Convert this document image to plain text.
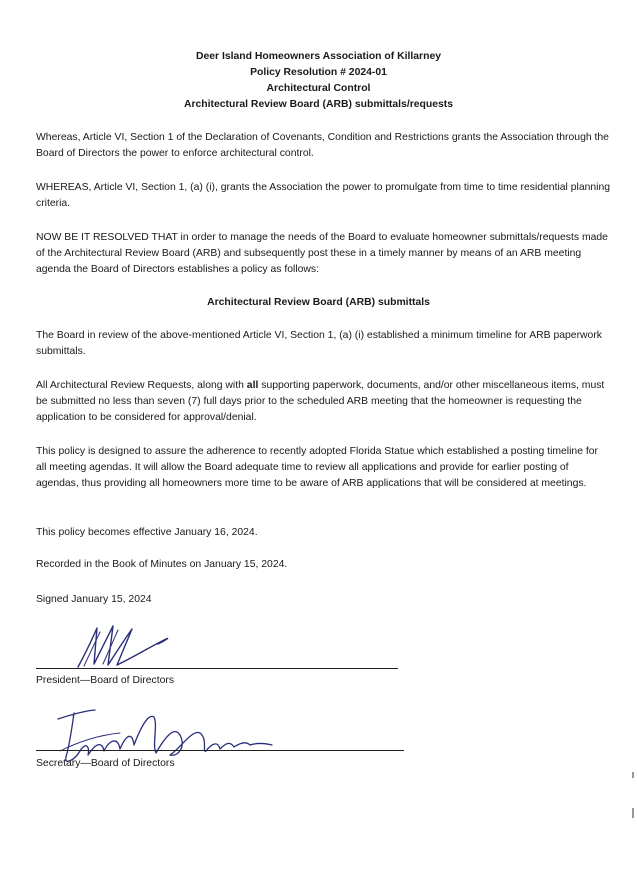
Deer Island Homeowners Association of Killarney
Policy Resolution # 2024-01
Architectural Control
Architectural Review Board (ARB) submittals/requests

Whereas, Article VI, Section 1 of the Declaration of Covenants, Condition and Restrictions grants the Association through the Board of Directors the power to enforce architectural control.

WHEREAS, Article VI, Section 1, (a) (i), grants the Association the power to promulgate from time to time residential planning criteria.

NOW BE IT RESOLVED THAT in order to manage the needs of the Board to evaluate homeowner submittals/requests made of the Architectural Review Board (ARB) and subsequently post these in a timely manner by means of an ARB meeting agenda the Board of Directors establishes a policy as follows:

Architectural Review Board (ARB) submittals

The Board in review of the above-mentioned Article VI, Section 1, (a) (i) established a minimum timeline for ARB paperwork submittals.

All Architectural Review Requests, along with all supporting paperwork, documents, and/or other miscellaneous items, must be submitted no less than seven (7) full days prior to the scheduled ARB meeting that the homeowner is requesting the application to be considered for approval/denial.

This policy is designed to assure the adherence to recently adopted Florida Statue which established a posting timeline for all meeting agendas. It will allow the Board adequate time to review all applications and provide for earlier posting of agendas, thus providing all homeowners more time to be aware of ARB applications that will be considered at meetings.

This policy becomes effective January 16, 2024.

Recorded in the Book of Minutes on January 15, 2024.

Signed January 15, 2024

President—Board of Directors
Secretary—Board of Directors
